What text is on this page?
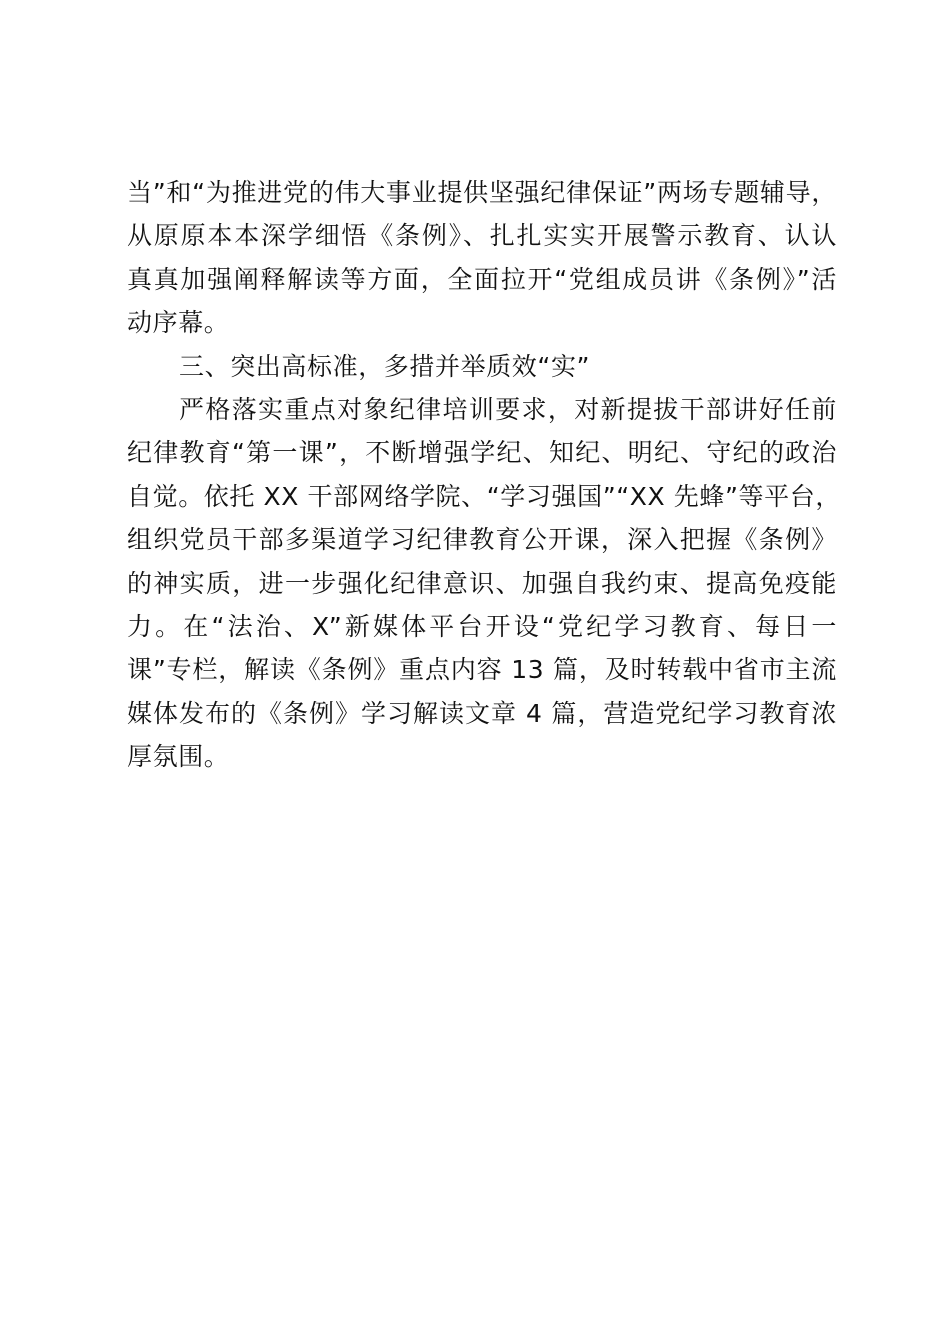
当”和“为推进党的伟大事业提供坚强纪律保证”两场专题辅导，
从原原本本深学细悟《条例》、扎扎实实开展警示教育、认认
真真加强阐释解读等方面，全面拉开“党组成员讲《条例》”活
动序幕。
三、突出高标准，多措并举质效“实”
严格落实重点对象纪律培训要求，对新提拔干部讲好任前
纪律教育“第一课”，不断增强学纪、知纪、明纪、守纪的政治
自觉。依托 XX 干部网络学院、“学习强国”“XX 先蜂”等平台，
组织党员干部多渠道学习纪律教育公开课，深入把握《条例》
的神实质，进一步强化纪律意识、加强自我约束、提高免疫能
力。在“法治、X”新媒体平台开设“党纪学习教育、每日一
课”专栏，解读《条例》重点内容 13 篇，及时转载中省市主流
媒体发布的《条例》学习解读文章 4 篇，营造党纪学习教育浓
厚氛围。
